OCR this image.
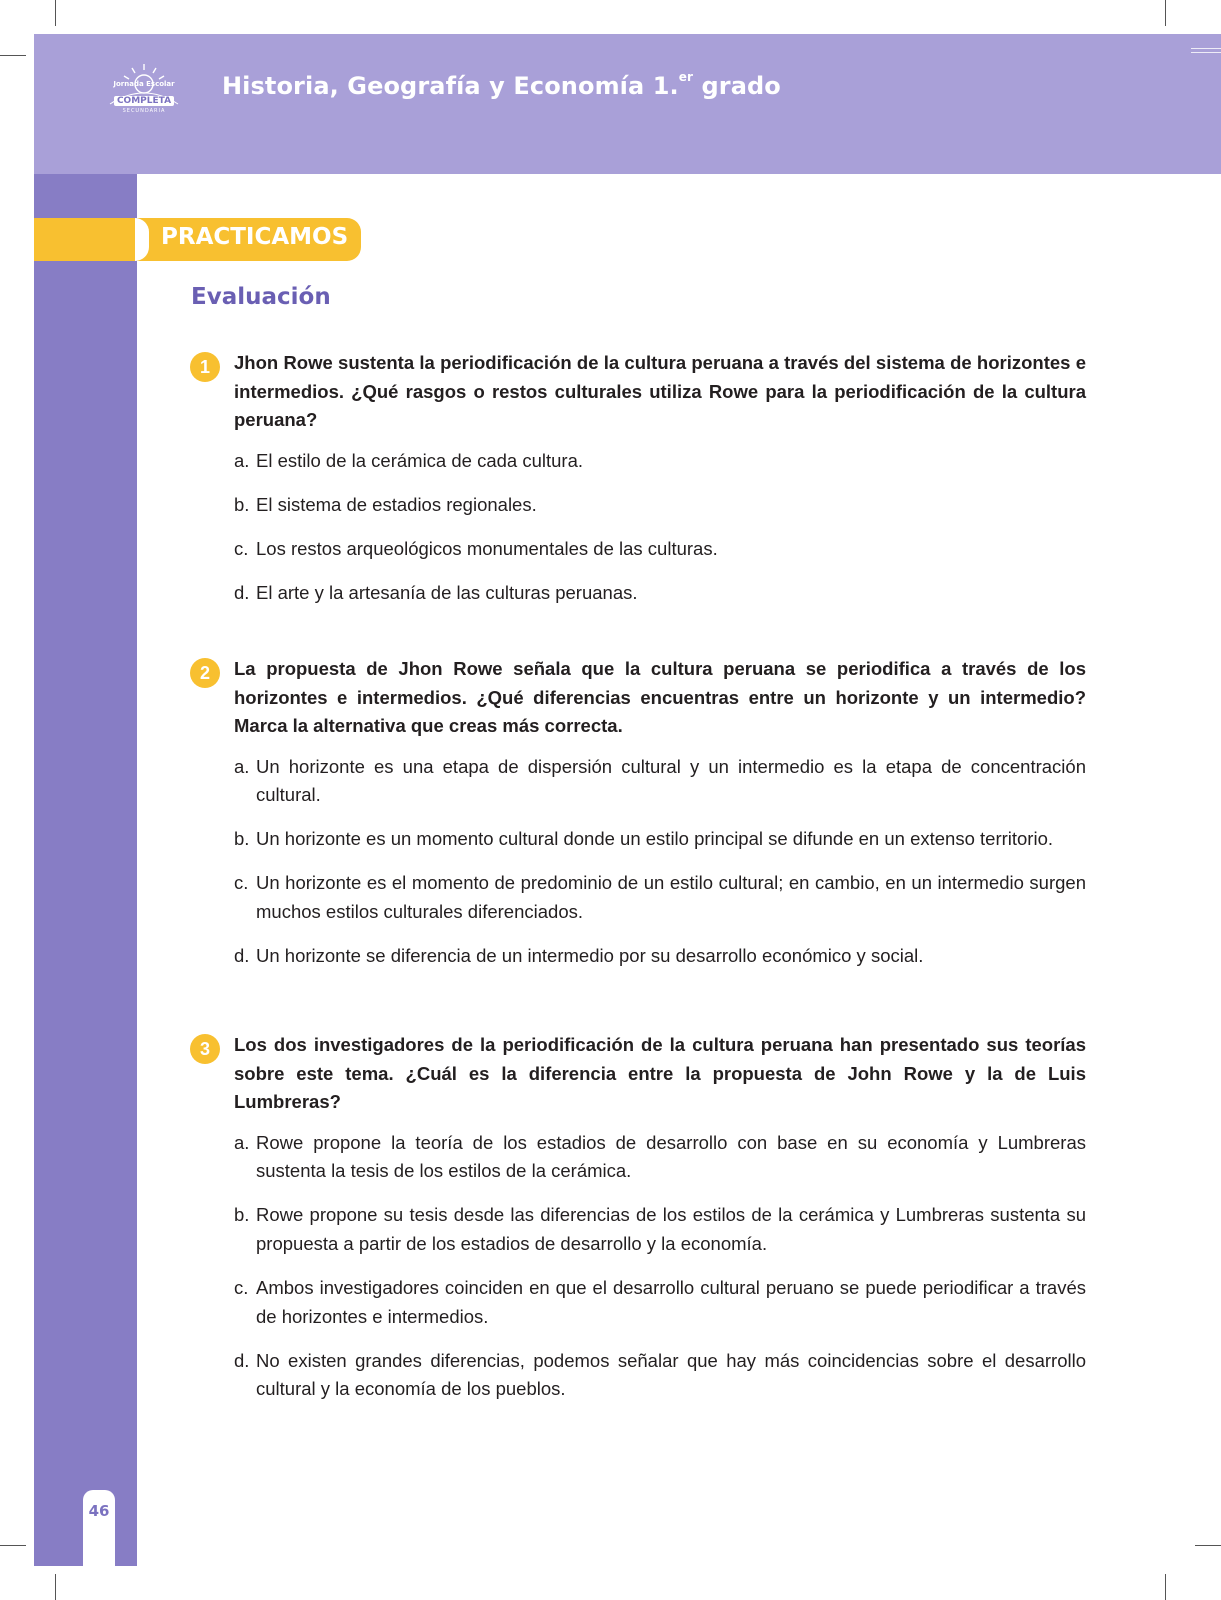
Jornada Escolar
COMPLETA
SECUNDARIA
Historia, Geografía y Economía 1.$^{er}$ grado
46
PRACTICAMOS
Evaluación
1	Jhon Rowe sustenta la periodificación de la cultura peruana a través del sistema de horizontes e intermedios. ¿Qué rasgos o restos culturales utiliza Rowe para la periodificación de la cultura peruana?
a. El estilo de la cerámica de cada cultura.
b. El sistema de estadios regionales.
c. Los restos arqueológicos monumentales de las culturas.
d. El arte y la artesanía de las culturas peruanas.
2	La propuesta de Jhon Rowe señala que la cultura peruana se periodifica a través de los horizontes e intermedios. ¿Qué diferencias encuentras entre un horizonte y un intermedio? Marca la alternativa que creas más correcta.
a. Un horizonte es una etapa de dispersión cultural y un intermedio es la etapa de concentración cultural.
b. Un horizonte es un momento cultural donde un estilo principal se difunde en un extenso territorio.
c. Un horizonte es el momento de predominio de un estilo cultural; en cambio, en un intermedio surgen muchos estilos culturales diferenciados.
d. Un horizonte se diferencia de un intermedio por su desarrollo económico y social.
3	Los dos investigadores de la periodificación de la cultura peruana han presentado sus teorías sobre este tema. ¿Cuál es la diferencia entre la propuesta de John Rowe y la de Luis Lumbreras?
a. Rowe propone la teoría de los estadios de desarrollo con base en su economía y Lumbreras sustenta la tesis de los estilos de la cerámica.
b. Rowe propone su tesis desde las diferencias de los estilos de la cerámica y Lumbreras sustenta su propuesta a partir de los estadios de desarrollo y la economía.
c. Ambos investigadores coinciden en que el desarrollo cultural peruano se puede periodificar a través de horizontes e intermedios.
d. No existen grandes diferencias, podemos señalar que hay más coincidencias sobre el desarrollo cultural y la economía de los pueblos.
